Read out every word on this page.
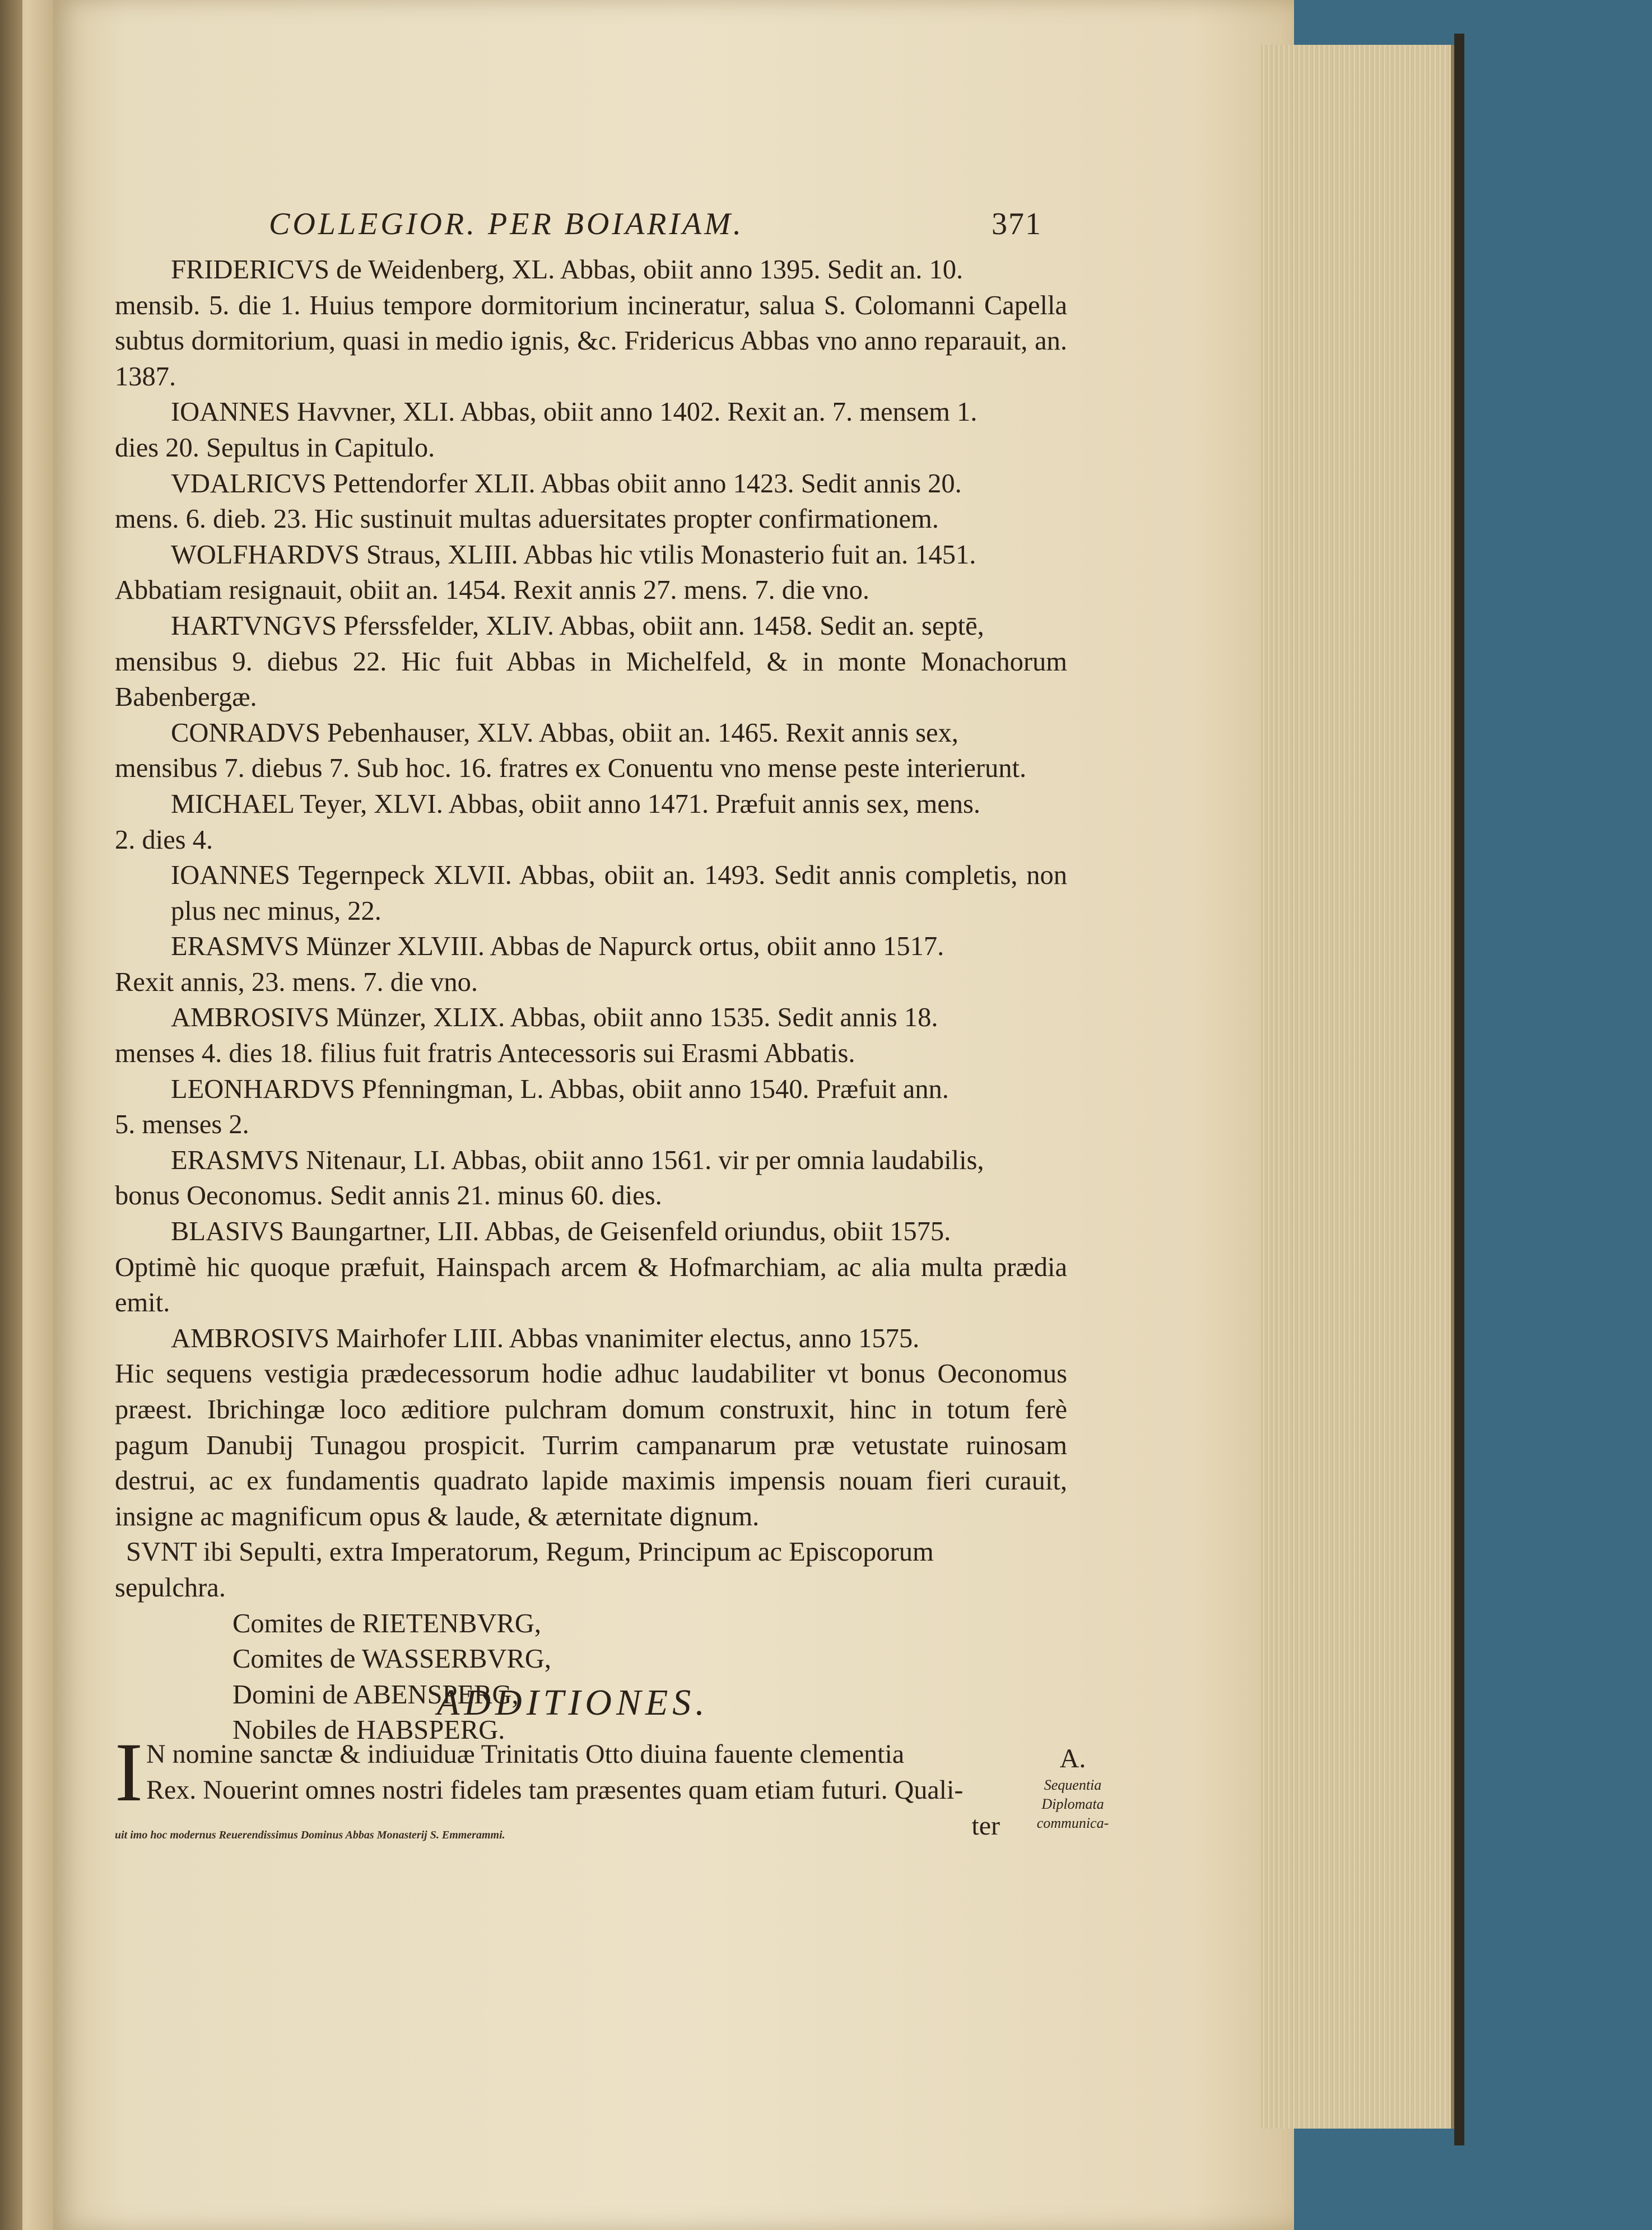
COLLEGIOR. PER BOIARIAM.	371
FRIDERICVS de Weidenberg, XL. Abbas, obiit anno 1395. Sedit an. 10.
mensib. 5. die 1. Huius tempore dormitorium incineratur, salua S. Colomanni Capella subtus dormitorium, quasi in medio ignis, &c. Fridericus Abbas vno anno reparauit, an. 1387.
IOANNES Havvner, XLI. Abbas, obiit anno 1402. Rexit an. 7. mensem 1.
dies 20. Sepultus in Capitulo.
VDALRICVS Pettendorfer XLII. Abbas obiit anno 1423. Sedit annis 20.
mens. 6. dieb. 23. Hic sustinuit multas aduersitates propter confirmationem.
WOLFHARDVS Straus, XLIII. Abbas hic vtilis Monasterio fuit an. 1451.
Abbatiam resignauit, obiit an. 1454. Rexit annis 27. mens. 7. die vno.
HARTVNGVS Pferssfelder, XLIV. Abbas, obiit ann. 1458. Sedit an. septē,
mensibus 9. diebus 22. Hic fuit Abbas in Michelfeld, & in monte Monachorum Babenbergæ.
CONRADVS Pebenhauser, XLV. Abbas, obiit an. 1465. Rexit annis sex,
mensibus 7. diebus 7. Sub hoc. 16. fratres ex Conuentu vno mense peste interierunt.
MICHAEL Teyer, XLVI. Abbas, obiit anno 1471. Præfuit annis sex, mens.
2. dies 4.
IOANNES Tegernpeck XLVII. Abbas, obiit an. 1493. Sedit annis completis, non plus nec minus, 22.
ERASMVS Münzer XLVIII. Abbas de Napurck ortus, obiit anno 1517.
Rexit annis, 23. mens. 7. die vno.
AMBROSIVS Münzer, XLIX. Abbas, obiit anno 1535. Sedit annis 18.
menses 4. dies 18. filius fuit fratris Antecessoris sui Erasmi Abbatis.
LEONHARDVS Pfenningman, L. Abbas, obiit anno 1540. Præfuit ann.
5. menses 2.
ERASMVS Nitenaur, LI. Abbas, obiit anno 1561. vir per omnia laudabilis,
bonus Oeconomus. Sedit annis 21. minus 60. dies.
BLASIVS Baungartner, LII. Abbas, de Geisenfeld oriundus, obiit 1575.
Optimè hic quoque præfuit, Hainspach arcem & Hofmarchiam, ac alia multa prædia emit.
AMBROSIVS Mairhofer LIII. Abbas vnanimiter electus, anno 1575.
Hic sequens vestigia prædecessorum hodie adhuc laudabiliter vt bonus Oeconomus præest. Ibrichingæ loco æditiore pulchram domum construxit, hinc in totum ferè pagum Danubij Tunagou prospicit. Turrim campanarum præ vetustate ruinosam destrui, ac ex fundamentis quadrato lapide maximis impensis nouam fieri curauit, insigne ac magnificum opus & laude, & æternitate dignum.
SVNT ibi Sepulti, extra Imperatorum, Regum, Principum ac Episcoporum
sepulchra.
Comites de RIETENBVRG,
Comites de WASSERBVRG,
Domini de ABENSPERG,
Nobiles de HABSPERG.
ADDITIONES.
I N nomine sanctæ & indiuiduæ Trinitatis Otto diuina fauente clementia
Rex. Nouerint omnes nostri fideles tam præsentes quam etiam futuri. Quali-
ter
A.
Sequentia
Diplomata
communica-
uit imo hoc modernus Reuerendissimus Dominus Abbas Monasterij S. Emmerammi.
